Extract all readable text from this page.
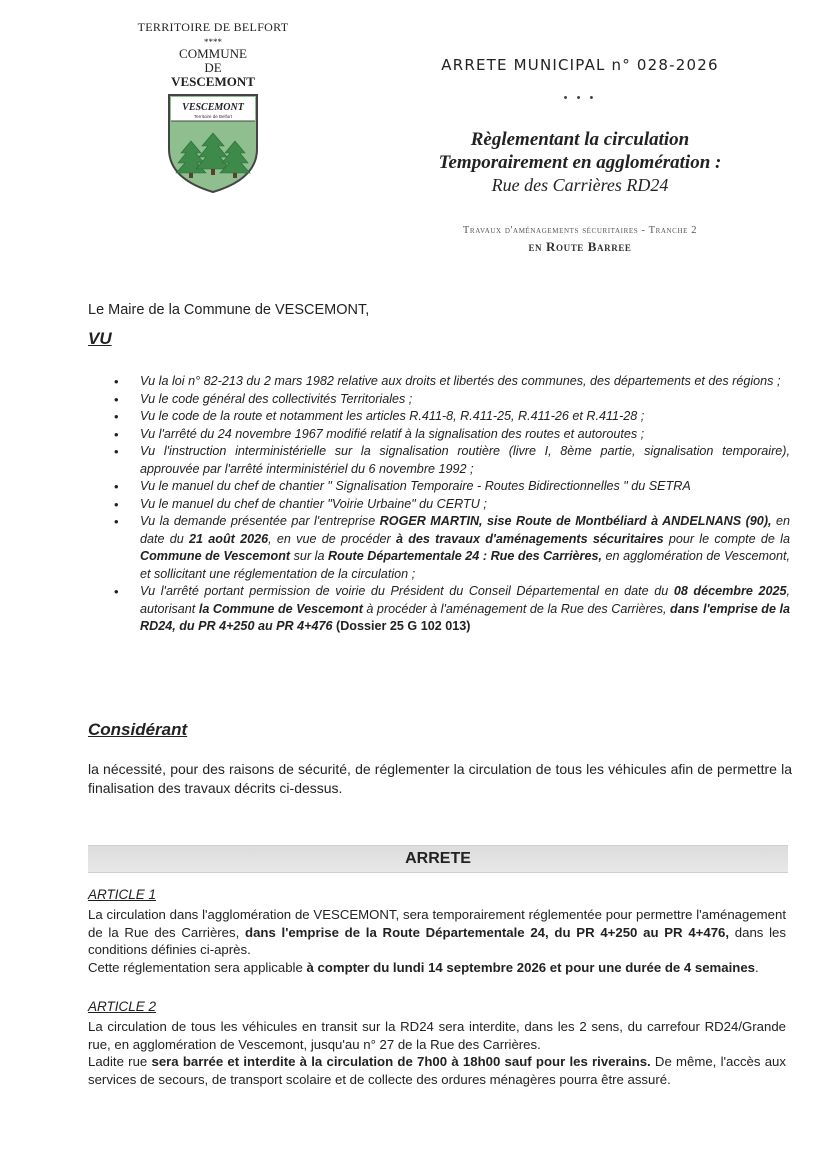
TERRITOIRE DE BELFORT
****
COMMUNE
DE
VESCEMONT
VESCEMONT
Territoire de Belfort
ARRETE MUNICIPAL n° 028-2026
• • •
Règlementant la circulation
Temporairement en agglomération :
Rue des Carrières RD24
Travaux d'aménagements sécuritaires - Tranche 2
en Route Barree
Le Maire de la Commune de VESCEMONT,
VU
• Vu la loi n° 82-213 du 2 mars 1982 relative aux droits et libertés des communes, des départements et des régions ;
• Vu le code général des collectivités Territoriales ;
• Vu le code de la route et notamment les articles R.411-8, R.411-25, R.411-26 et R.411-28 ;
• Vu l'arrêté du 24 novembre 1967 modifié relatif à la signalisation des routes et autoroutes ;
• Vu l'instruction interministérielle sur la signalisation routière (livre I, 8ème partie, signalisation temporaire), approuvée par l'arrêté interministériel du 6 novembre 1992 ;
• Vu le manuel du chef de chantier " Signalisation Temporaire - Routes Bidirectionnelles " du SETRA
• Vu le manuel du chef de chantier "Voirie Urbaine" du CERTU ;
• Vu la demande présentée par l'entreprise ROGER MARTIN, sise Route de Montbéliard à ANDELNANS (90), en date du 21 août 2026, en vue de procéder à des travaux d'aménagements sécuritaires pour le compte de la Commune de Vescemont sur la Route Départementale 24 : Rue des Carrières, en agglomération de Vescemont, et sollicitant une réglementation de la circulation ;
• Vu l'arrêté portant permission de voirie du Président du Conseil Départemental en date du 08 décembre 2025, autorisant la Commune de Vescemont à procéder à l'aménagement de la Rue des Carrières, dans l'emprise de la RD24, du PR 4+250 au PR 4+476 (Dossier 25 G 102 013)
Considérant
la nécessité, pour des raisons de sécurité, de réglementer la circulation de tous les véhicules afin de permettre la finalisation des travaux décrits ci-dessus.
ARRETE
ARTICLE 1

La circulation dans l'agglomération de VESCEMONT, sera temporairement réglementée pour permettre l'aménagement de la Rue des Carrières, dans l'emprise de la Route Départementale 24, du PR 4+250 au PR 4+476, dans les conditions définies ci-après.

Cette réglementation sera applicable à compter du lundi 14 septembre 2026 et pour une durée de 4 semaines.

ARTICLE 2

La circulation de tous les véhicules en transit sur la RD24 sera interdite, dans les 2 sens, du carrefour RD24/Grande rue, en agglomération de Vescemont, jusqu'au n° 27 de la Rue des Carrières.

Ladite rue sera barrée et interdite à la circulation de 7h00 à 18h00 sauf pour les riverains. De même, l'accès aux services de secours, de transport scolaire et de collecte des ordures ménagères pourra être assuré.
